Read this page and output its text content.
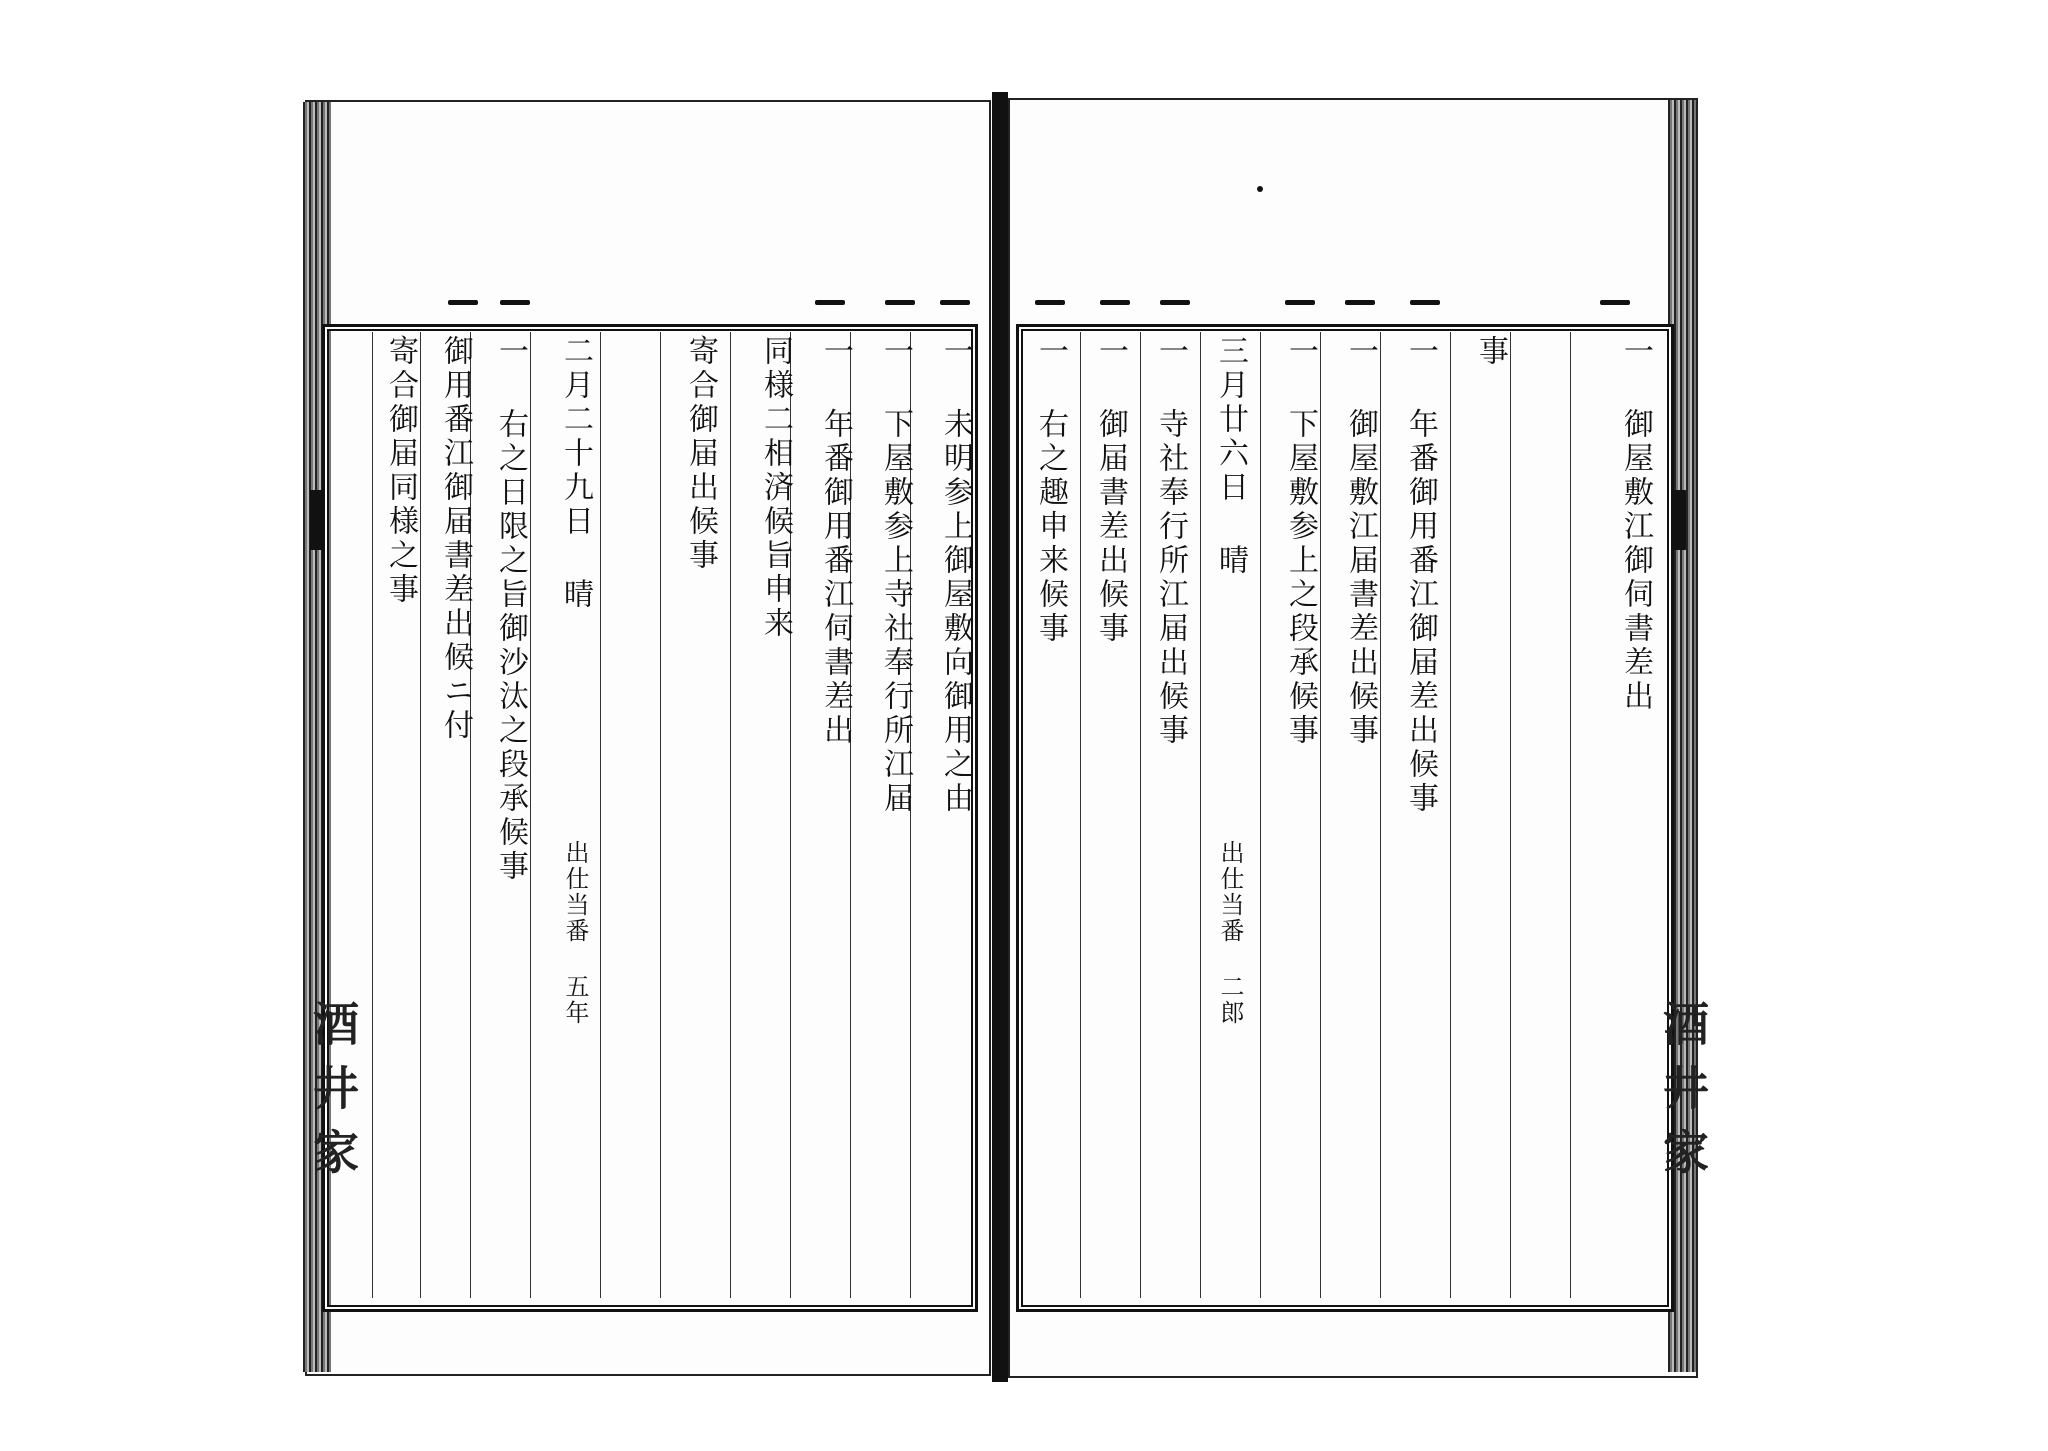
一 未明参上御屋敷向御用之由
一 下屋敷参上寺社奉行所江届
一 年番御用番江伺書差出
同様二相済候旨申来
寄合御届出候事
二月二十九日 晴
一 右之日限之旨御沙汰之段承候事
御用番江御届書差出候ニ付
寄合御届同様之事
出仕当番 五年
一 御屋敷江御伺書差出
事
一 年番御用番江御届差出候事
一 御屋敷江届書差出候事
一 下屋敷参上之段承候事
三月廿六日 晴
一 寺社奉行所江届出候事
一 御届書差出候事
一 右之趣申来候事
出仕当番 二郎
酒井家	酒井家
